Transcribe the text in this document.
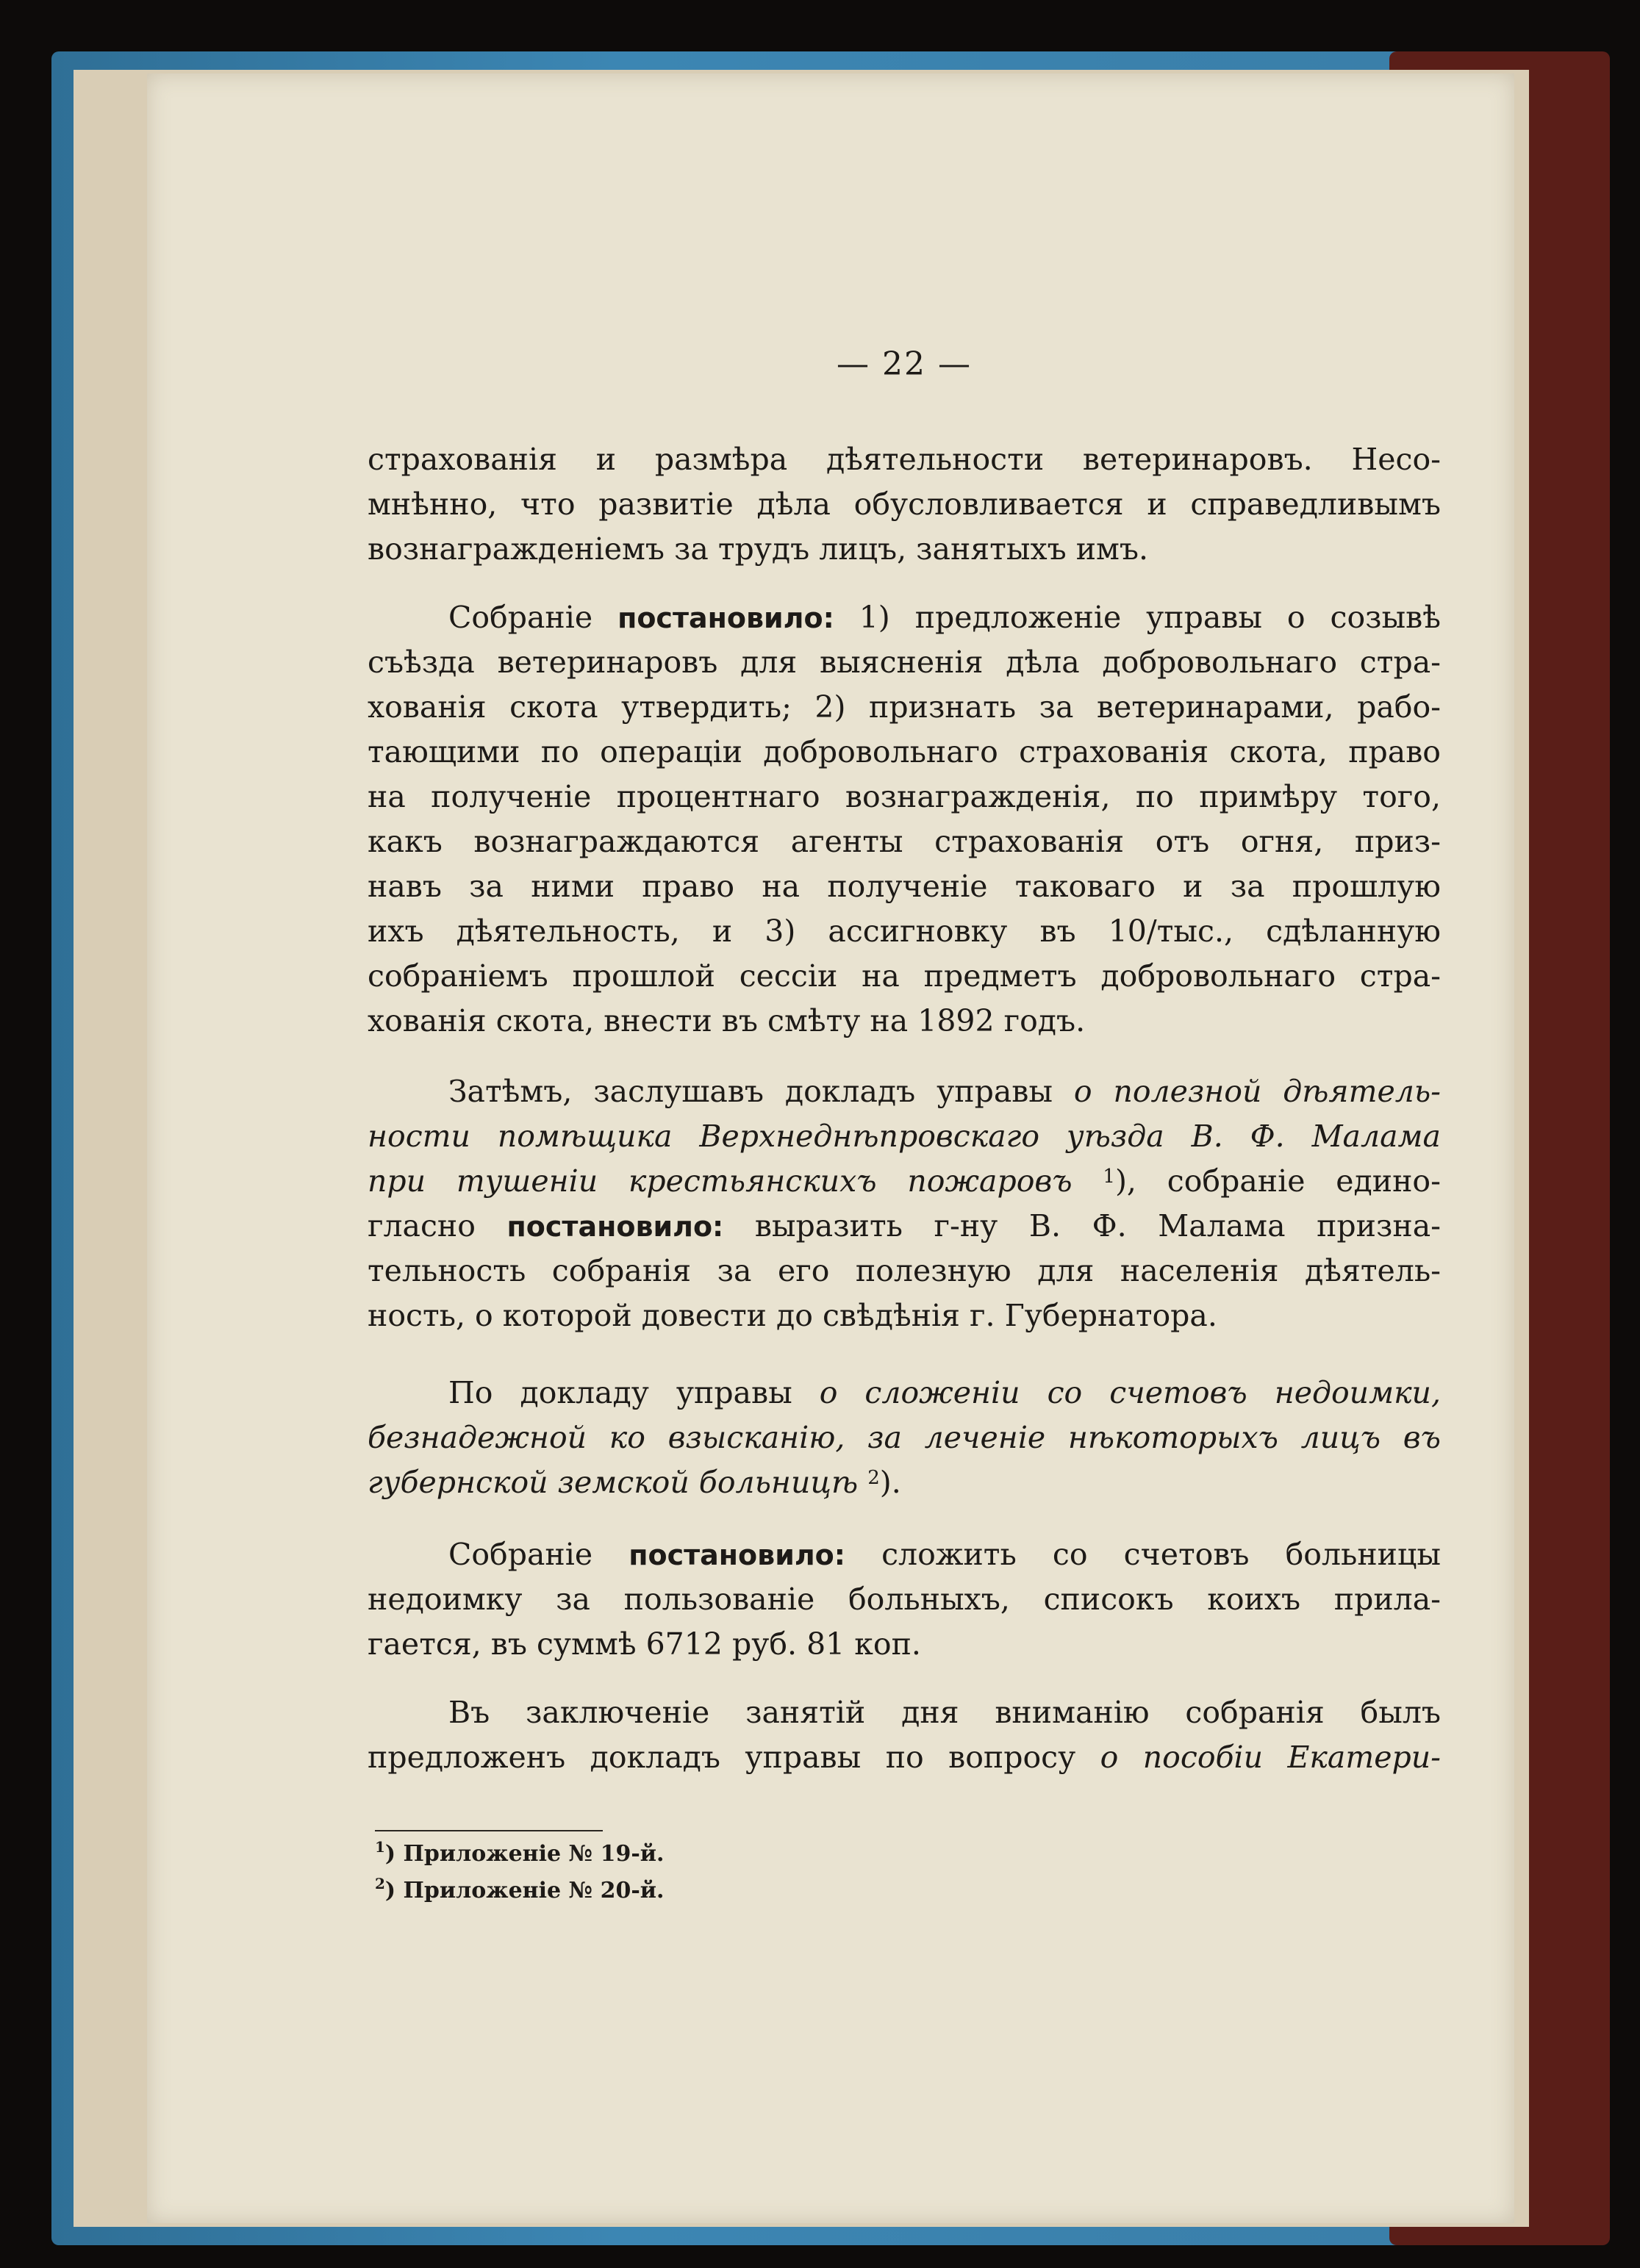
— 22 —
страхованія и размѣра дѣятельности ветеринаровъ. Несо-
мнѣнно, что развитіе дѣла обусловливается и справедливымъ
вознагражденіемъ за трудъ лицъ, занятыхъ имъ.
Собраніе постановило: 1) предложеніе управы о созывѣ
съѣзда ветеринаровъ для выясненія дѣла добровольнаго стра-
хованія скота утвердить; 2) признать за ветеринарами, рабо-
тающими по операціи добровольнаго страхованія скота, право
на полученіе процентнаго вознагражденія, по примѣру того,
какъ вознаграждаются агенты страхованія отъ огня, приз-
навъ за ними право на полученіе таковаго и за прошлую
ихъ дѣятельность, и 3) ассигновку въ 10/тыс., сдѣланную
собраніемъ прошлой сессіи на предметъ добровольнаго стра-
хованія скота, внести въ смѣту на 1892 годъ.
Затѣмъ, заслушавъ докладъ управы о полезной дѣятель-
ности помѣщика Верхнеднѣпровскаго уѣзда В. Ф. Малама
при тушеніи крестьянскихъ пожаровъ $^1$), собраніе едино-
гласно постановило: выразить г-ну В. Ф. Малама призна-
тельность собранія за его полезную для населенія дѣятель-
ность, о которой довести до свѣдѣнія г. Губернатора.
По докладу управы о сложеніи со счетовъ недоимки,
безнадежной ко взысканію, за леченіе нѣкоторыхъ лицъ въ
губернской земской больницѣ $^2$).
Собраніе постановило: сложить со счетовъ больницы
недоимку за пользованіе больныхъ, списокъ коихъ прила-
гается, въ суммѣ 6712 руб. 81 коп.
Въ заключеніе занятій дня вниманію собранія былъ
предложенъ докладъ управы по вопросу о пособіи Екатери-
$^1$) Приложеніе № 19-й.
$^2$) Приложеніе № 20-й.
